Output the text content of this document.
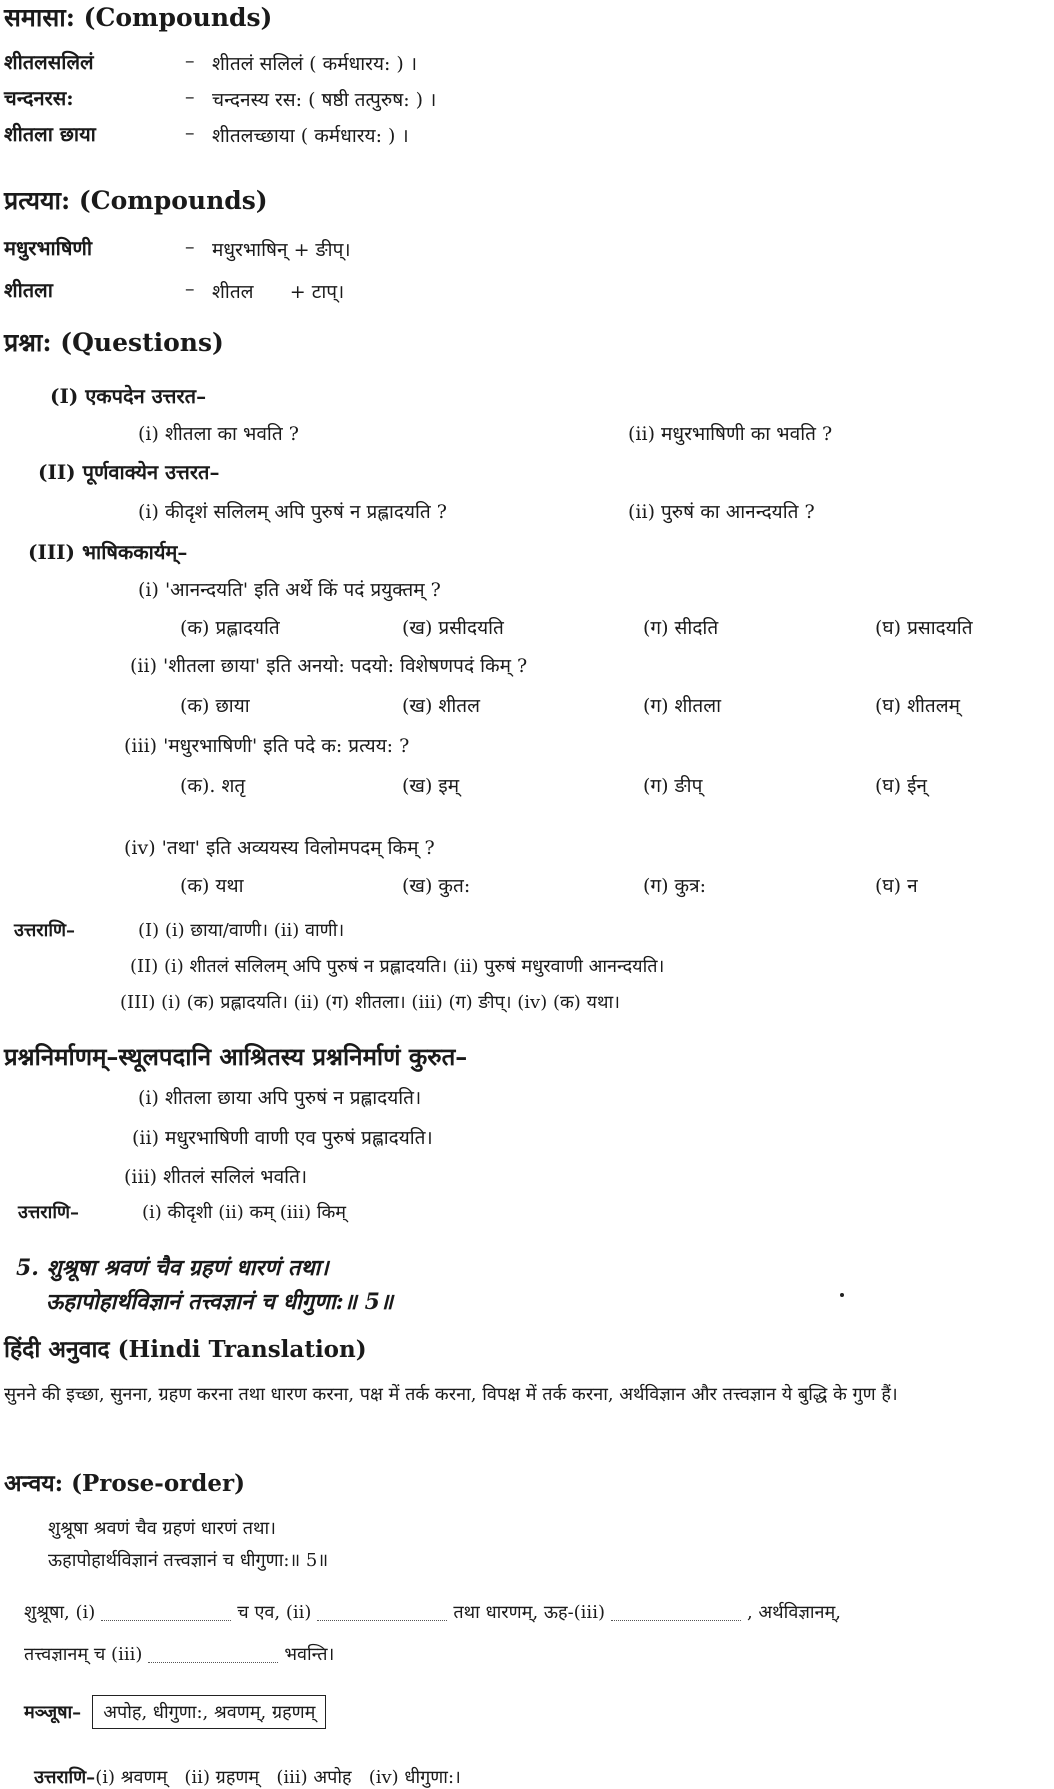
समासा: (Compounds)
शीतलसलिलं	– शीतलं सलिलं ( कर्मधारय: ) ।
चन्दनरस:	– चन्दनस्य रस: ( षष्ठी तत्पुरुष: ) ।
शीतला छाया	– शीतलच्छाया ( कर्मधारय: ) ।
प्रत्यया: (Compounds)
मधुरभाषिणी	– मधुरभाषिन् + ङीप्।
शीतला	– शीतल      + टाप्।
प्रश्ना: (Questions)
(I) एकपदेन उत्तरत–
(i) शीतला का भवति ?	(ii) मधुरभाषिणी का भवति ?
(II) पूर्णवाक्येन उत्तरत–
(i) कीदृशं सलिलम् अपि पुरुषं न प्रह्लादयति ?	(ii) पुरुषं का आनन्दयति ?
(III) भाषिककार्यम्–
(i) 'आनन्दयति' इति अर्थे किं पदं प्रयुक्तम् ?
(क) प्रह्लादयति	(ख) प्रसीदयति	(ग) सीदति	(घ) प्रसादयति
(ii) 'शीतला छाया' इति अनयो: पदयो: विशेषणपदं किम् ?
(क) छाया	(ख) शीतल	(ग) शीतला	(घ) शीतलम्
(iii) 'मधुरभाषिणी' इति पदे क: प्रत्यय: ?
(क). शतृ	(ख) इम्	(ग) ङीप्	(घ) ईन्
(iv) 'तथा' इति अव्ययस्य विलोमपदम् किम् ?
(क) यथा	(ख) कुत:	(ग) कुत्र:	(घ) न
उत्तराणि–	(I) (i) छाया/वाणी। (ii) वाणी।
(II) (i) शीतलं सलिलम् अपि पुरुषं न प्रह्लादयति। (ii) पुरुषं मधुरवाणी आनन्दयति।
(III) (i) (क) प्रह्लादयति। (ii) (ग) शीतला। (iii) (ग) ङीप्। (iv) (क) यथा।
प्रश्ननिर्माणम्–स्थूलपदानि आश्रितस्य प्रश्ननिर्माणं कुरुत–
(i) शीतला छाया अपि पुरुषं न प्रह्लादयति।
(ii) मधुरभाषिणी वाणी एव पुरुषं प्रह्लादयति।
(iii) शीतलं सलिलं भवति।
उत्तराणि–	(i) कीदृशी (ii) कम् (iii) किम्
5. शुश्रूषा श्रवणं चैव ग्रहणं धारणं तथा।
ऊहापोहार्थविज्ञानं तत्त्वज्ञानं च धीगुणा:॥ 5॥
हिंदी अनुवाद (Hindi Translation)
सुनने की इच्छा, सुनना, ग्रहण करना तथा धारण करना, पक्ष में तर्क करना, विपक्ष में तर्क करना, अर्थविज्ञान और तत्त्वज्ञान ये बुद्धि के गुण हैं।
अन्वय: (Prose-order)
शुश्रूषा श्रवणं चैव ग्रहणं धारणं तथा।
ऊहापोहार्थविज्ञानं तत्त्वज्ञानं च धीगुणा:॥ 5॥
शुश्रूषा, (i)	च एव, (ii)	तथा धारणम्, ऊह-(iii)	, अर्थविज्ञानम्,
तत्त्वज्ञानम् च (iii)	भवन्ति।
मञ्जूषा– अपोह, धीगुणा:, श्रवणम्, ग्रहणम्

उत्तराणि–(i) श्रवणम्   (ii) ग्रहणम्   (iii) अपोह   (iv) धीगुणा:।
